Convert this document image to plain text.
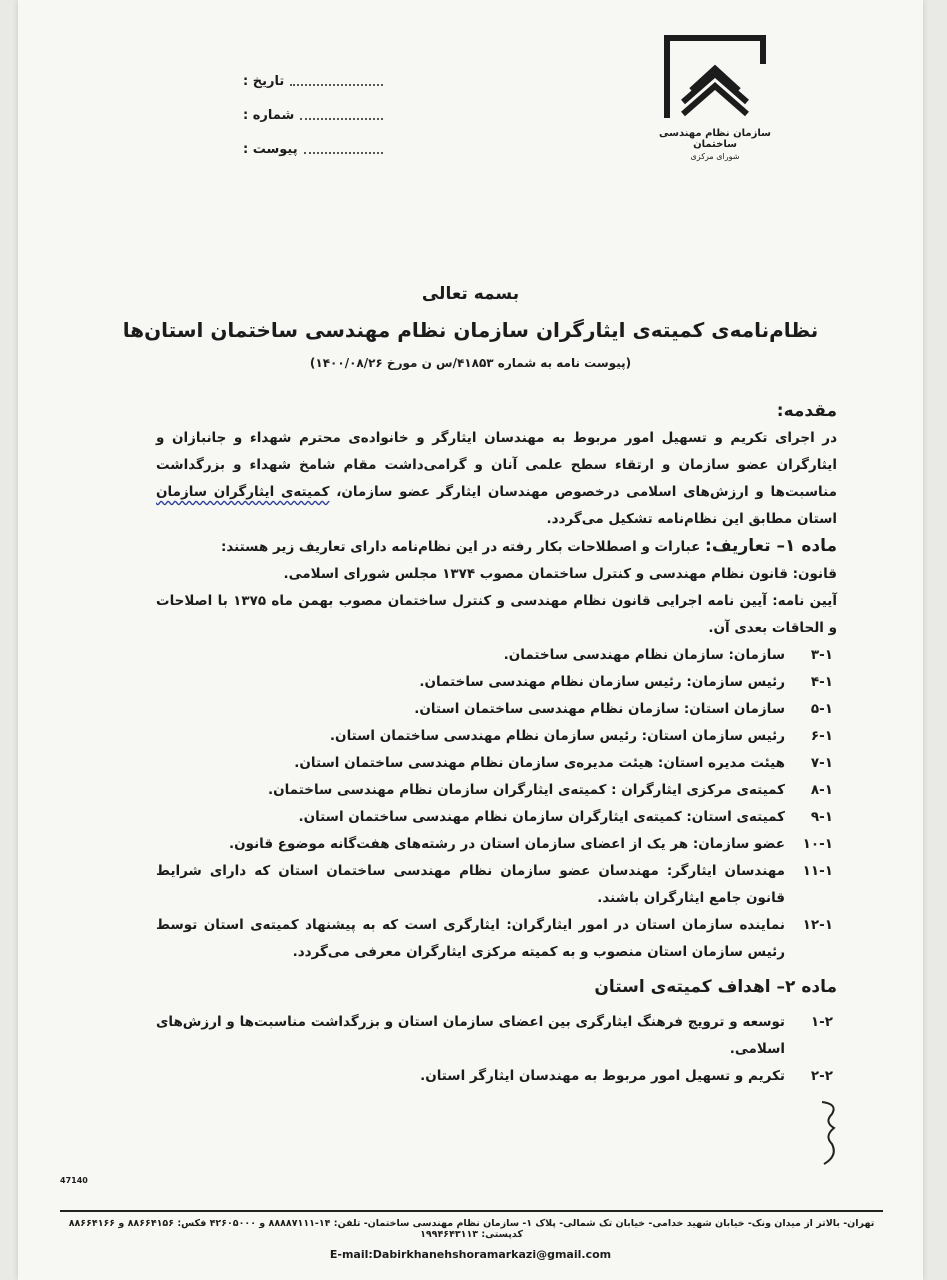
تاریخ :
شماره :
پیوست :
سازمان نظام مهندسی ساختمان
شورای مرکزی
بسمه تعالی
نظام‌نامه‌ی کمیته‌ی ایثارگران سازمان نظام مهندسی ساختمان استان‌ها
(پیوست نامه به شماره ۴۱۸۵۳/س ن مورخ ۱۴۰۰/۰۸/۲۶)
مقدمه:

در اجرای تکریم و تسهیل امور مربوط به مهندسان ایثارگر و خانواده‌ی محترم شهداء و جانبازان و ایثارگران عضو سازمان و ارتقاء سطح علمی آنان و گرامی‌داشت مقام شامخ شهداء و بزرگداشت مناسبت‌ها و ارزش‌های اسلامی درخصوص مهندسان ایثارگر عضو سازمان، کمیته‌ی ایثارگران سازمان استان مطابق این نظام‌نامه تشکیل می‌گردد.

ماده ۱– تعاریف: عبارات و اصطلاحات بکار رفته در این نظام‌نامه دارای تعاریف زیر هستند:

قانون: قانون نظام مهندسی و کنترل ساختمان مصوب ۱۳۷۴ مجلس شورای اسلامی.

آیین نامه: آیین نامه اجرایی قانون نظام مهندسی و کنترل ساختمان مصوب بهمن ماه ۱۳۷۵ با اصلاحات و الحاقات بعدی آن.

۳-۱
سازمان: سازمان نظام مهندسی ساختمان.
۴-۱
رئیس سازمان: رئیس سازمان نظام مهندسی ساختمان.
۵-۱
سازمان استان: سازمان نظام مهندسی ساختمان استان.
۶-۱
رئیس سازمان استان: رئیس سازمان نظام مهندسی ساختمان استان.
۷-۱
هیئت مدیره استان: هیئت مدیره‌ی سازمان نظام مهندسی ساختمان استان.
۸-۱
کمیته‌ی مرکزی ایثارگران : کمیته‌ی ایثارگران سازمان نظام مهندسی ساختمان.
۹-۱
کمیته‌ی استان: کمیته‌ی ایثارگران سازمان نظام مهندسی ساختمان استان.
۱۰-۱
عضو سازمان: هر یک از اعضای سازمان استان در رشته‌های هفت‌گانه موضوع قانون.
۱۱-۱
مهندسان ایثارگر: مهندسان عضو سازمان نظام مهندسی ساختمان استان که دارای شرایط قانون جامع ایثارگران باشند.
۱۲-۱
نماینده سازمان استان در امور ایثارگران: ایثارگری است که به پیشنهاد کمیته‌ی استان توسط رئیس سازمان استان منصوب و به کمیته مرکزی ایثارگران معرفی می‌گردد.
ماده ۲– اهداف کمیته‌ی استان
۱-۲
توسعه و ترویج فرهنگ ایثارگری بین اعضای سازمان استان و بزرگداشت مناسبت‌ها و ارزش‌های اسلامی.
۲-۲
تکریم و تسهیل امور مربوط به مهندسان ایثارگر استان.
47140
تهران- بالاتر از میدان ونک- خیابان شهید خدامی- خیابان تک شمالی- پلاک ۱- سازمان نظام مهندسی ساختمان- تلفن: ۱۴-۸۸۸۸۷۱۱۱ و ۴۲۶۰۵۰۰۰ فکس: ۸۸۶۶۴۱۵۶ و ۸۸۶۶۴۱۶۶ کدپستی: ۱۹۹۴۶۴۳۱۱۳
E-mail:Dabirkhanehshoramarkazi@gmail.com
